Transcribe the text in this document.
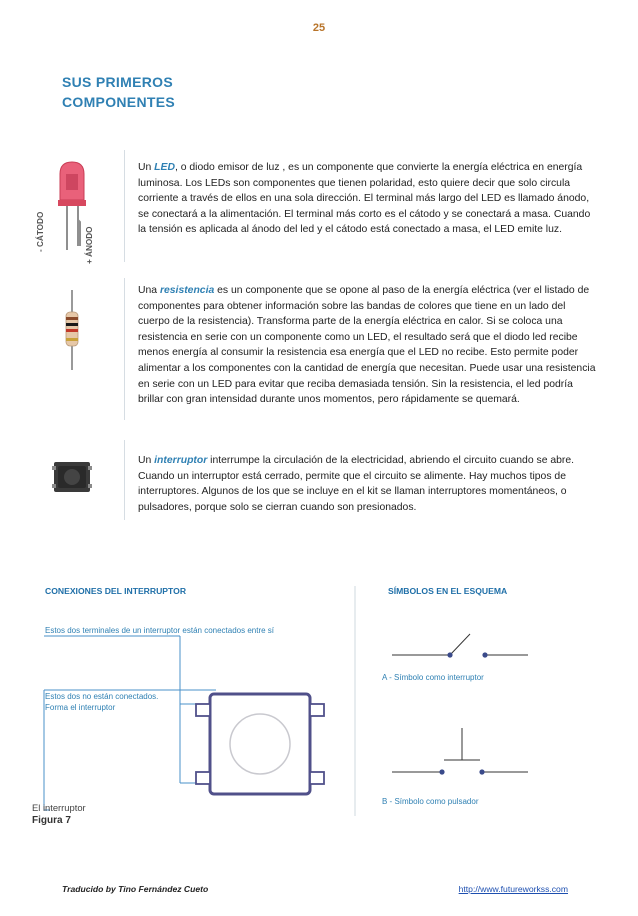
25
SUS PRIMEROS
COMPONENTES
- CÁTODO	+ ÁNODO
Un LED, o diodo emisor de luz , es un componente que convierte la energía eléctrica en energía luminosa. Los LEDs son componentes que tienen polaridad, esto quiere decir que solo circula corriente a través de ellos en una sola dirección. El terminal más largo del LED es llamado ánodo, se conectará a la alimentación. El terminal más corto es el cátodo y se conectará a masa. Cuando la tensión es aplicada al ánodo del led y el cátodo está conectado a masa, el LED emite luz.
Una resistencia es un componente que se opone al paso de la energía eléctrica (ver el listado de componentes para obtener información sobre las bandas de colores que tiene en un lado del cuerpo de la resistencia). Transforma parte de la energía eléctrica en calor. Si se coloca una resistencia en serie con un componente como un LED, el resultado será que el diodo led recibe menos energía al consumir la resistencia esa energía que el LED no recibe. Esto permite poder alimentar a los componentes con la cantidad de energía que necesitan. Puede usar una resistencia en serie con un LED para evitar que reciba demasiada tensión. Sin la resistencia, el led podría brillar con gran intensidad durante unos momentos, pero rápidamente se quemará.
Un interruptor interrumpe la circulación de la electricidad, abriendo el circuito cuando se abre. Cuando un interruptor está cerrado, permite que el circuito se alimente. Hay muchos tipos de interruptores. Algunos de los que se incluye en el kit se llaman interruptores momentáneos, o pulsadores, porque solo se cierran cuando son presionados.
CONEXIONES DEL INTERRUPTOR	SÍMBOLOS EN EL ESQUEMA
Estos dos terminales de un interruptor están conectados entre sí
Estos dos no están conectados.
Forma el interruptor
A - Símbolo como interruptor
B - Símbolo como pulsador
El interruptor
Figura 7
Traducido by Tino Fernández Cueto	http://www.futureworkss.com
